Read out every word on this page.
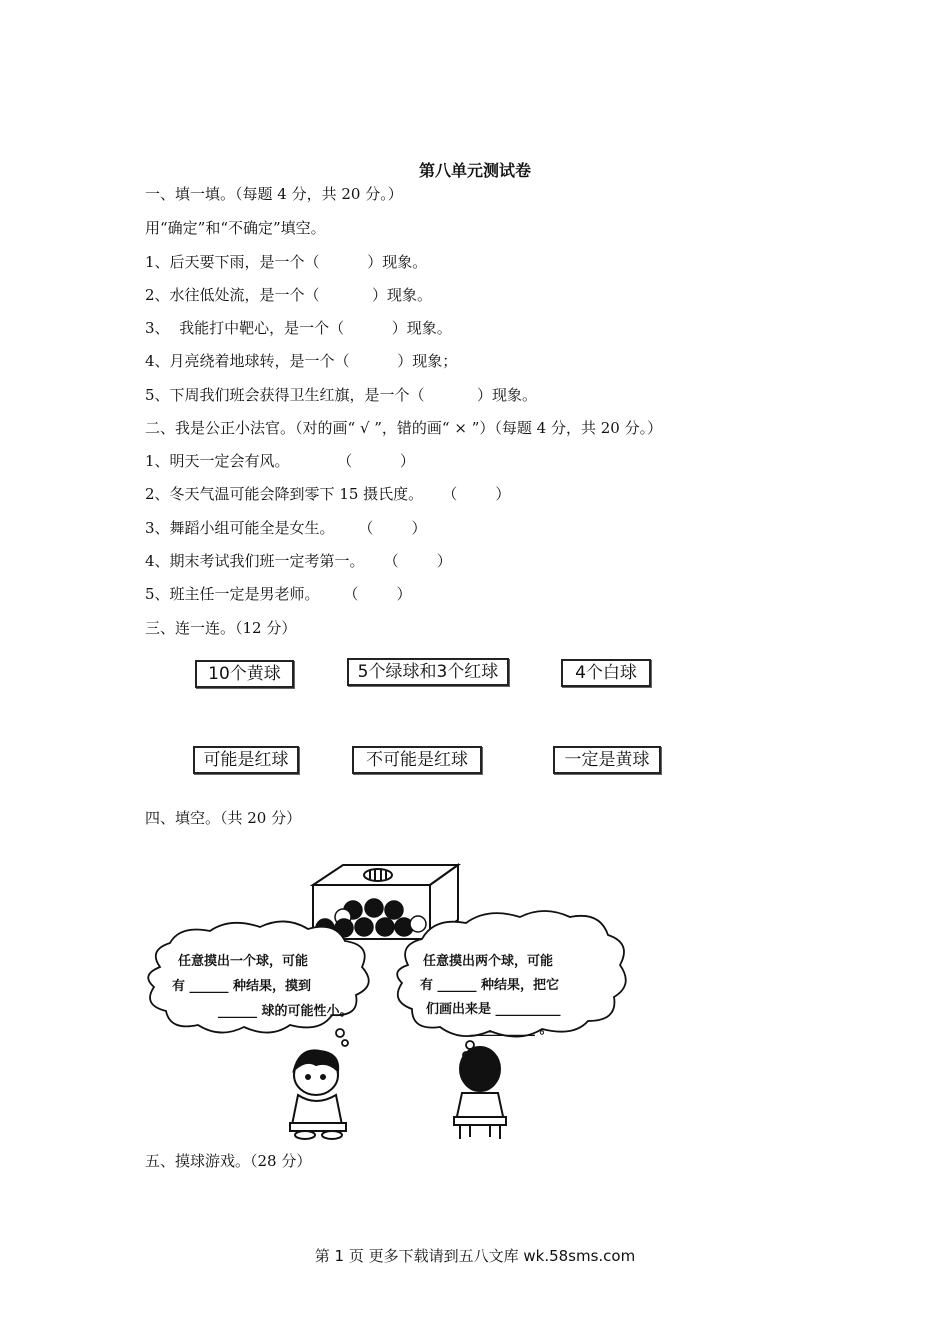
第八单元测试卷
一、填一填。（每题 4 分，共 20 分。）
用“确定”和“不确定”填空。
1、后天要下雨，是一个（          ）现象。
2、水往低处流，是一个（           ）现象。
3、  我能打中靶心，是一个（          ）现象。
4、月亮绕着地球转，是一个（          ）现象；
5、下周我们班会获得卫生红旗，是一个（           ）现象。
二、我是公正小法官。（对的画“ √ ”，错的画“ × ”）（每题 4 分，共 20 分。）
1、明天一定会有风。          （          ）
2、冬天气温可能会降到零下 15 摄氏度。    （        ）
3、舞蹈小组可能全是女生。     （        ）
4、期末考试我们班一定考第一。    （        ）
5、班主任一定是男老师。     （        ）
三、连一连。（12 分）
10个黄球	5个绿球和3个红球	4个白球
可能是红球	不可能是红球	一定是黄球
四、填空。（共 20 分）
任意摸出一个球，可能
有 ______ 种结果，摸到
______ 球的可能性小。
任意摸出两个球，可能
有 ______ 种结果，把它
们画出来是 __________
__________ 。
五、摸球游戏。（28 分）
第 1 页 更多下载请到五八文库 wk.58sms.com
